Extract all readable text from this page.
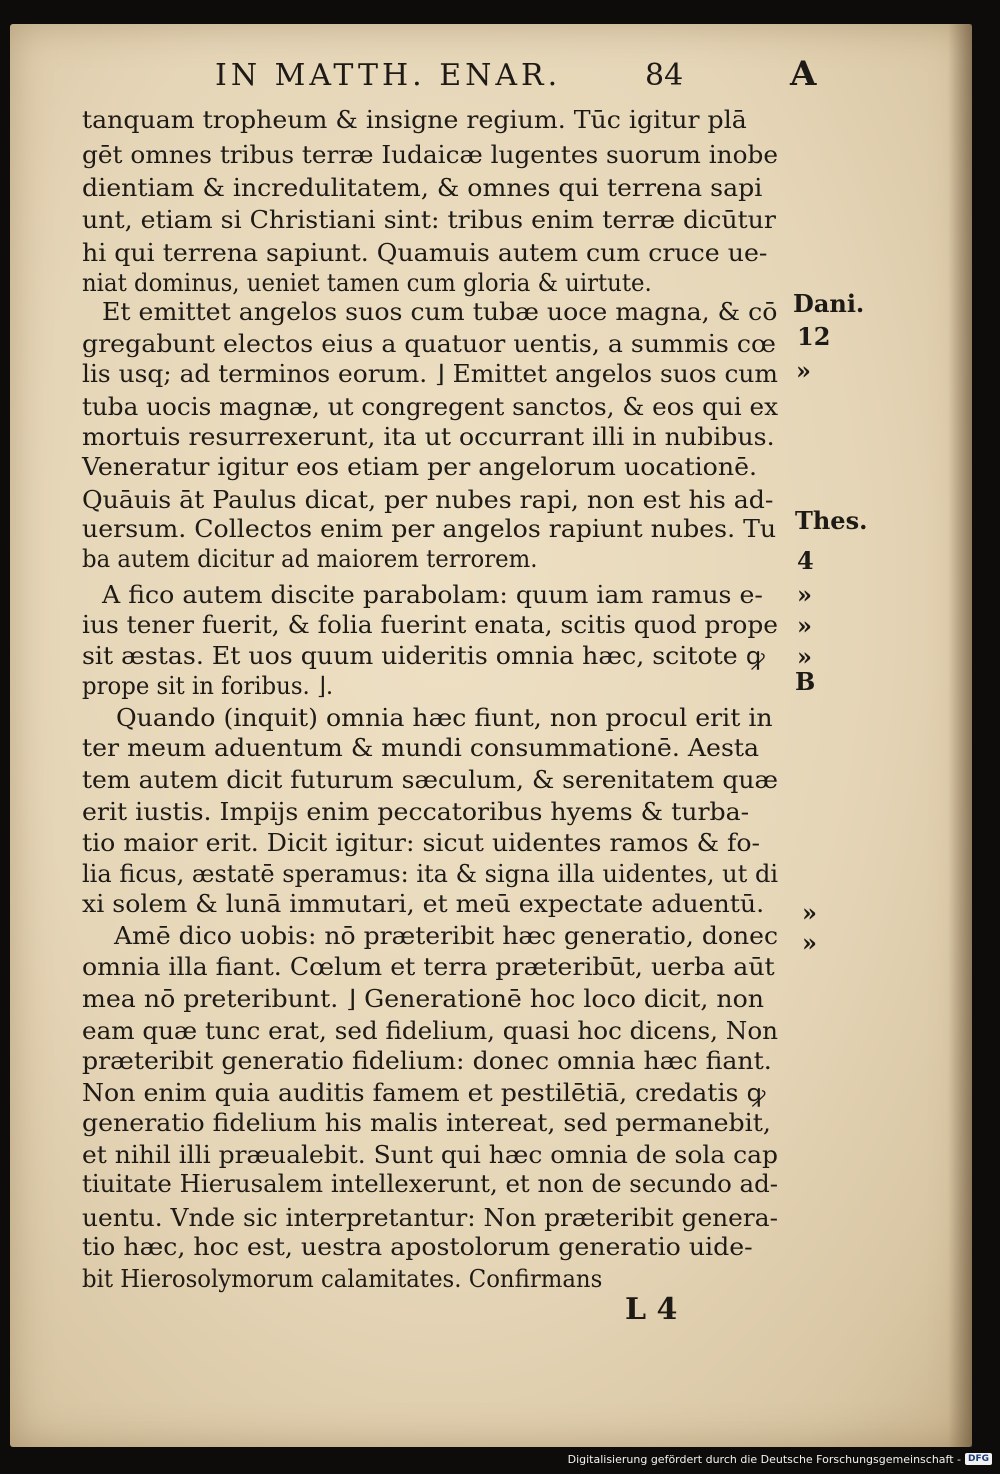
IN MATTH. ENAR.	84	A
tanquam tropheum & insigne regium. Tūc igitur plā
gēt omnes tribus terræ Iudaicæ lugentes suorum inobe
dientiam & incredulitatem, & omnes qui terrena sapi
unt, etiam si Christiani sint: tribus enim terræ dicūtur
hi qui terrena sapiunt. Quamuis autem cum cruce ue-
niat dominus, ueniet tamen cum gloria & uirtute.
Et emittet angelos suos cum tubæ uoce magna, & cō
gregabunt electos eius a quatuor uentis, a summis cœ
lis usq; ad terminos eorum. ⌋ Emittet angelos suos cum
tuba uocis magnæ, ut congregent sanctos, & eos qui ex
mortuis resurrexerunt, ita ut occurrant illi in nubibus.
Veneratur igitur eos etiam per angelorum uocationē.
Quāuis āt Paulus dicat, per nubes rapi, non est his ad-
uersum. Collectos enim per angelos rapiunt nubes. Tu
ba autem dicitur ad maiorem terrorem.
A fico autem discite parabolam: quum iam ramus e-
ius tener fuerit, & folia fuerint enata, scitis quod prope
sit æstas. Et uos quum uideritis omnia hæc, scitote ꝙ
prope sit in foribus. ⌋.
Quando (inquit) omnia hæc fiunt, non procul erit in
ter meum aduentum & mundi consummationē. Aesta
tem autem dicit futurum sæculum, & serenitatem quæ
erit iustis. Impijs enim peccatoribus hyems & turba-
tio maior erit. Dicit igitur: sicut uidentes ramos & fo-
lia ficus, æstatē speramus: ita & signa illa uidentes, ut di
xi solem & lunā immutari, et meū expectate aduentū.
Amē dico uobis: nō præteribit hæc generatio, donec
omnia illa fiant. Cœlum et terra præteribūt, uerba aūt
mea nō preteribunt. ⌋ Generationē hoc loco dicit, non
eam quæ tunc erat, sed fidelium, quasi hoc dicens, Non
præteribit generatio fidelium: donec omnia hæc fiant.
Non enim quia auditis famem et pestilētiā, credatis ꝙ
generatio fidelium his malis intereat, sed permanebit,
et nihil illi præualebit. Sunt qui hæc omnia de sola cap
tiuitate Hierusalem intellexerunt, et non de secundo ad-
uentu. Vnde sic interpretantur: Non præteribit genera-
tio hæc, hoc est, uestra apostolorum generatio uide-
bit Hierosolymorum calamitates. Confirmans
Dani.
12
»
Thes.
4
»
»
»
B
»
»
L 4
Digitalisierung gefördert durch die Deutsche Forschungsgemeinschaft - DFG
